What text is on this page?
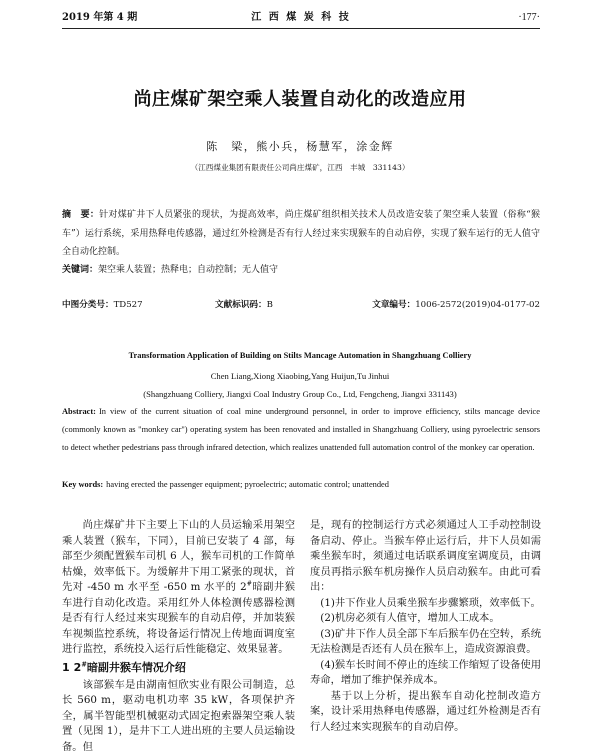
2019 年第 4 期	江 西 煤 炭 科 技	·177·
尚庄煤矿架空乘人装置自动化的改造应用
陈　梁，熊小兵，杨慧军，涂金辉
（江西煤业集团有限责任公司尚庄煤矿，江西　丰城　331143）
摘　要：针对煤矿井下人员紧张的现状，为提高效率，尚庄煤矿组织相关技术人员改造安装了架空乘人装置（俗称“猴车”）运行系统，采用热释电传感器，通过红外检测是否有行人经过来实现猴车的自动启停，实现了猴车运行的无人值守全自动化控制。
关键词：架空乘人装置；热释电；自动控制；无人值守
中图分类号：TD527	文献标识码：B	文章编号：1006-2572(2019)04-0177-02
Transformation Application of Building on Stilts Mancage Automation in Shangzhuang Colliery
Chen Liang,Xiong Xiaobing,Yang Huijun,Tu Jinhui
(Shangzhuang Colliery, Jiangxi Coal Industry Group Co., Ltd, Fengcheng, Jiangxi 331143)
Abstract: In view of the current situation of coal mine underground personnel, in order to improve efficiency, stilts mancage device (commonly known as "monkey car") operating system has been renovated and installed in Shangzhuang Colliery, using pyroelectric sensors to detect whether pedestrians pass through infrared detection, which realizes unattended full automation control of the monkey car operation.
Key words: having erected the passenger equipment; pyroelectric; automatic control; unattended

尚庄煤矿井下主要上下山的人员运输采用架空乘人装置（猴车，下同），目前已安装了 4 部，每部至少须配置猴车司机 6 人，猴车司机的工作简单枯燥，效率低下。为缓解井下用工紧张的现状，首先对 -450 m 水平至 -650 m 水平的 2#暗副井猴车进行自动化改造。采用红外人体检测传感器检测是否有行人经过来实现猴车的自动启停，并加装猴车视频监控系统，将设备运行情况上传地面调度室进行监控，系统投入运行后性能稳定、效果显著。

1 2#暗副井猴车情况介绍

该部猴车是由湖南恒欣实业有限公司制造，总长 560 m，驱动电机功率 35 kW，各项保护齐全，属半智能型机械驱动式固定抱索器架空乘人装置（见图 1），是井下工人进出班的主要人员运输设备。但

是，现有的控制运行方式必须通过人工手动控制设备启动、停止。当猴车停止运行后，井下人员如需乘坐猴车时，须通过电话联系调度室调度员，由调度员再指示猴车机房操作人员启动猴车。由此可看出：

(1)井下作业人员乘坐猴车步骤繁琐，效率低下。

(2)机房必须有人值守，增加人工成本。

(3)矿井下作人员全部下车后猴车仍在空转，系统无法检测是否还有人员在猴车上，造成资源浪费。

(4)猴车长时间不停止的连续工作缩短了设备使用寿命，增加了维护保养成本。

基于以上分析，提出猴车自动化控制改造方案，设计采用热释电传感器，通过红外检测是否有行人经过来实现猴车的自动启停。
